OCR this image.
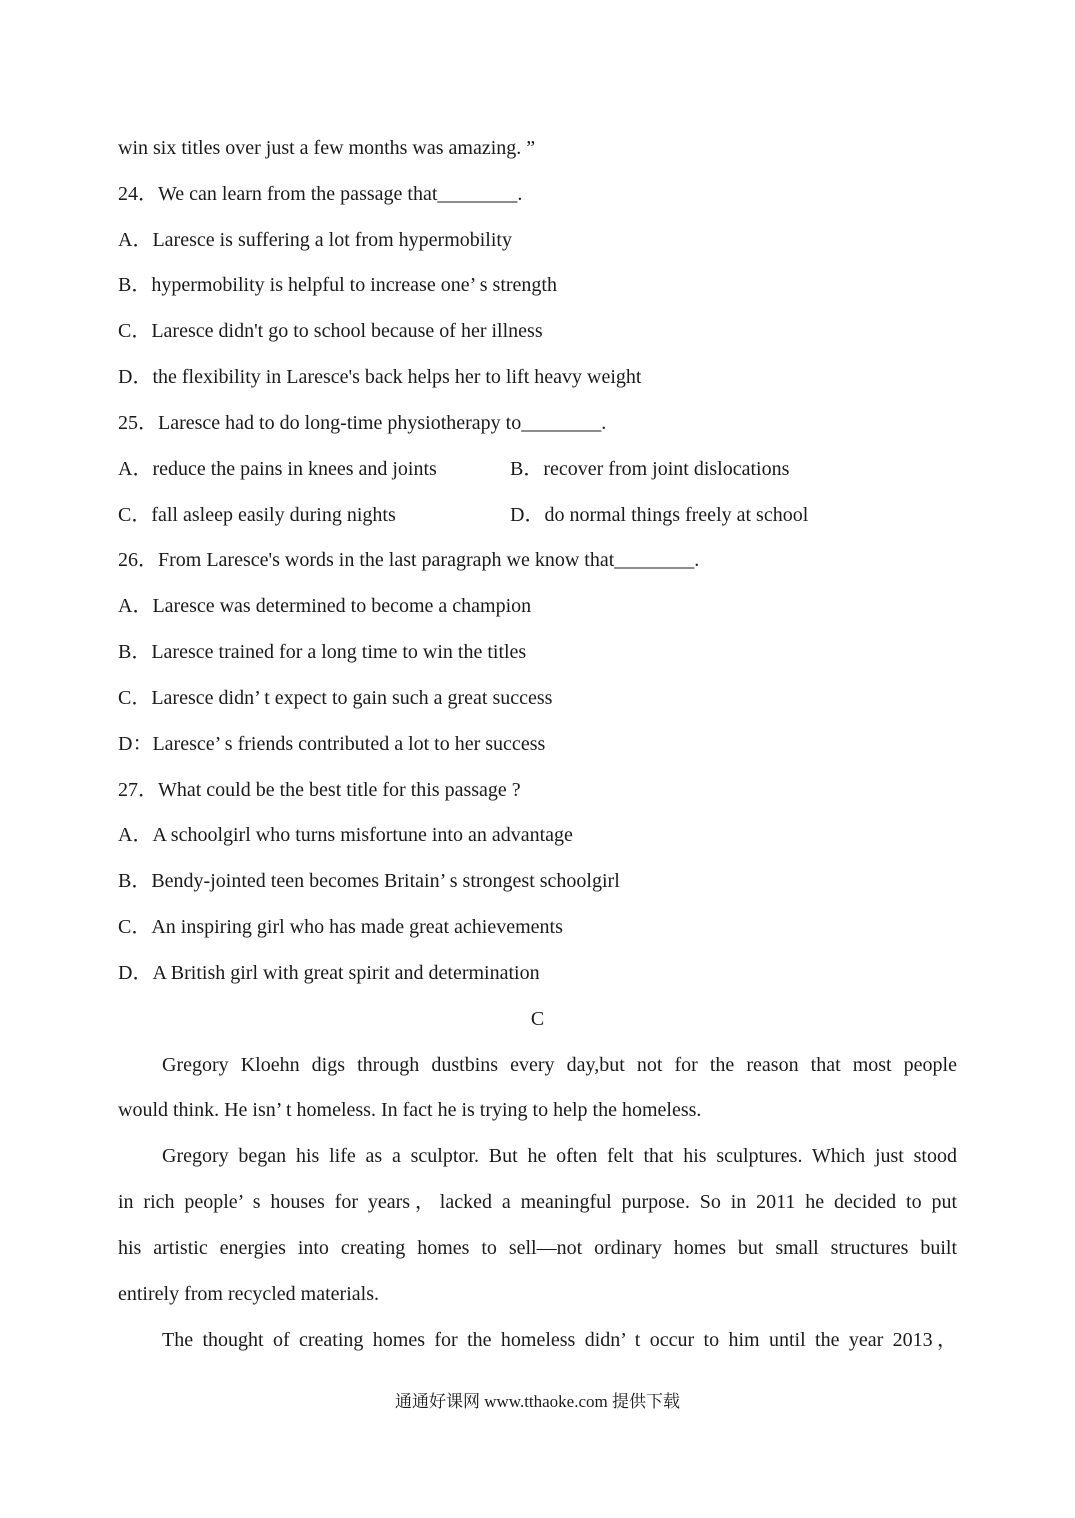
win six titles over just a few months was amazing. ”
24．We can learn from the passage that________.
A．Larescе is suffering a lot from hypermobility
B．hypermobility is helpful to increase one’ s strength
C．Larescе didn't go to school because of her illness
D．the flexibility in Laresce's back helps her to lift heavy weight
25．Larescе had to do long-time physiotherapy to________.
A．reduce the pains in knees and joints	B．recover from joint dislocations
C．fall asleep easily during nights	D．do normal things freely at school
26．From Laresce's words in the last paragraph we know that________.
A．Larescе was determined to become a champion
B．Larescе trained for a long time to win the titles
C．Larescе didn’ t expect to gain such a great success
D：Larescе’ s friends contributed a lot to her success
27．What could be the best title for this passage ?
A．A schoolgirl who turns misfortune into an advantage
B．Bendy-jointed teen becomes Britain’ s strongest schoolgirl
C．An inspiring girl who has made great achievements
D．A British girl with great spirit and determination
C
Gregory Kloehn digs through dustbins every day,but not for the reason that most people
would think. He isn’ t homeless. In fact he is trying to help the homeless.
Gregory began his life as a sculptor. But he often felt that his sculptures. Which just stood
in rich people’ s houses for years，lacked a meaningful purpose. So in 2011 he decided to put
his artistic energies into creating homes to sell—not ordinary homes but small structures built
entirely from recycled materials.
The thought of creating homes for the homeless didn’ t occur to him until the year 2013，
通通好课网 www.tthaoke.com 提供下载
